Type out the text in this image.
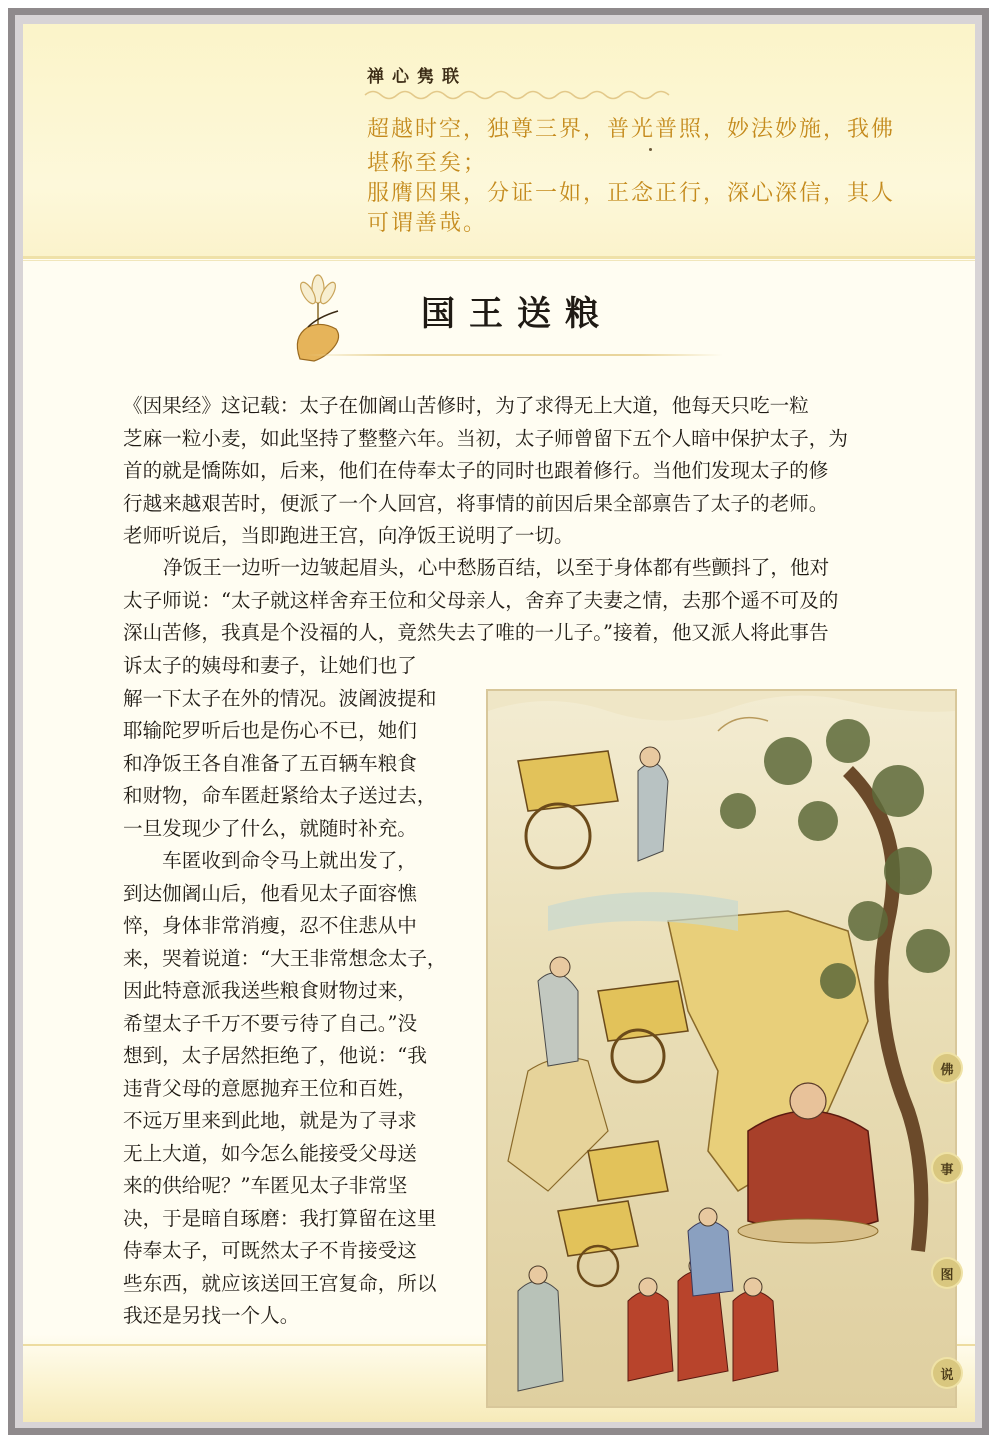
禅心隽联
超越时空，独尊三界，普光普照，妙法妙施，我佛
堪称至矣；
服膺因果，分证一如，正念正行，深心深信，其人
可谓善哉。
国王送粮
《因果经》这记载：太子在伽阇山苦修时，为了求得无上大道，他每天只吃一粒
芝麻一粒小麦，如此坚持了整整六年。当初，太子师曾留下五个人暗中保护太子，为
首的就是憍陈如，后来，他们在侍奉太子的同时也跟着修行。当他们发现太子的修
行越来越艰苦时，便派了一个人回宫，将事情的前因后果全部禀告了太子的老师。
老师听说后，当即跑进王宫，向净饭王说明了一切。
净饭王一边听一边皱起眉头，心中愁肠百结，以至于身体都有些颤抖了，他对
太子师说：“太子就这样舍弃王位和父母亲人，舍弃了夫妻之情，去那个遥不可及的
深山苦修，我真是个没福的人，竟然失去了唯的一儿子。”接着，他又派人将此事告
诉太子的姨母和妻子，让她们也了
解一下太子在外的情况。波阇波提和
耶输陀罗听后也是伤心不已，她们
和净饭王各自准备了五百辆车粮食
和财物，命车匿赶紧给太子送过去，
一旦发现少了什么，就随时补充。
　　车匿收到命令马上就出发了，
到达伽阇山后，他看见太子面容憔
悴，身体非常消瘦，忍不住悲从中
来，哭着说道：“大王非常想念太子，
因此特意派我送些粮食财物过来，
希望太子千万不要亏待了自己。”没
想到，太子居然拒绝了，他说：“我
违背父母的意愿抛弃王位和百姓，
不远万里来到此地，就是为了寻求
无上大道，如今怎么能接受父母送
来的供给呢？”车匿见太子非常坚
决，于是暗自琢磨：我打算留在这里
侍奉太子，可既然太子不肯接受这
些东西，就应该送回王宫复命，所以
我还是另找一个人。
佛
事
图
说
